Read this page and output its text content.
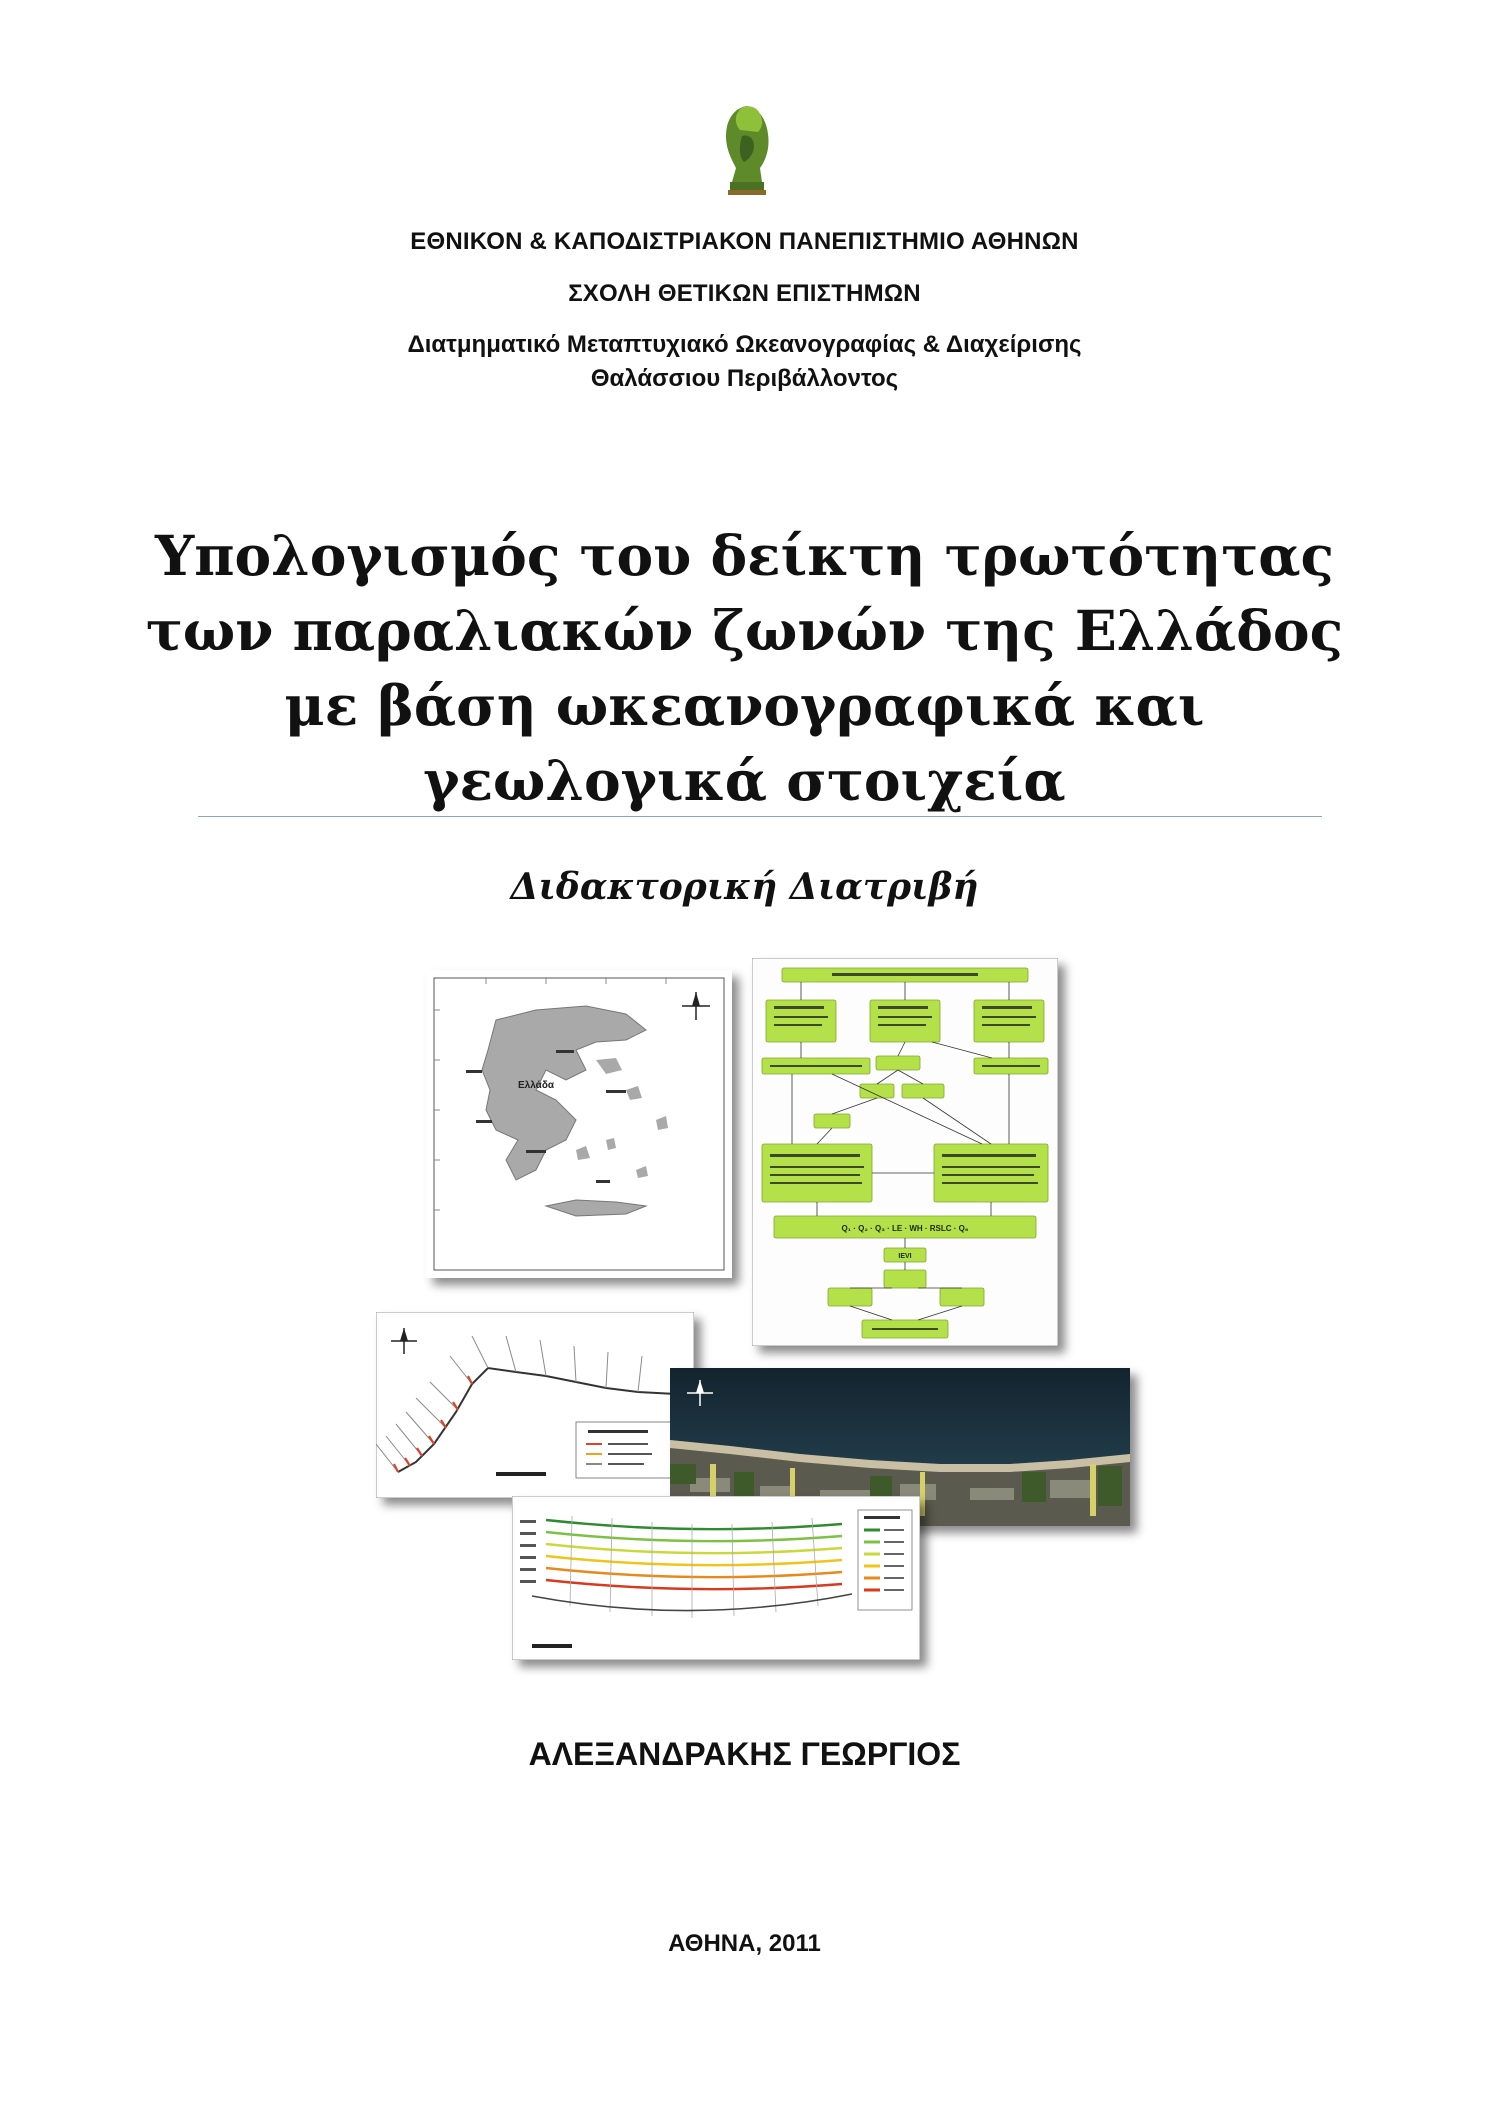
ΕΘΝΙΚΟΝ & ΚΑΠΟΔΙΣΤΡΙΑΚΟΝ ΠΑΝΕΠΙΣΤΗΜΙΟ ΑΘΗΝΩΝ
ΣΧΟΛΗ ΘΕΤΙΚΩΝ ΕΠΙΣΤΗΜΩΝ
Διατμηματικό Μεταπτυχιακό Ωκεανογραφίας & Διαχείρισης
Θαλάσσιου Περιβάλλοντος
Υπολογισμός του δείκτη τρωτότητας
των παραλιακών ζωνών της Ελλάδος
με βάση ωκεανογραφικά και
γεωλογικά στοιχεία
Διδακτορική Διατριβή
Ελλάδα
Q₁ · Q₂ · Q₃ · LE · WH · RSLC · Q₆
IEVI
ΑΛΕΞΑΝΔΡΑΚΗΣ ΓΕΩΡΓΙΟΣ
ΑΘΗΝΑ, 2011
